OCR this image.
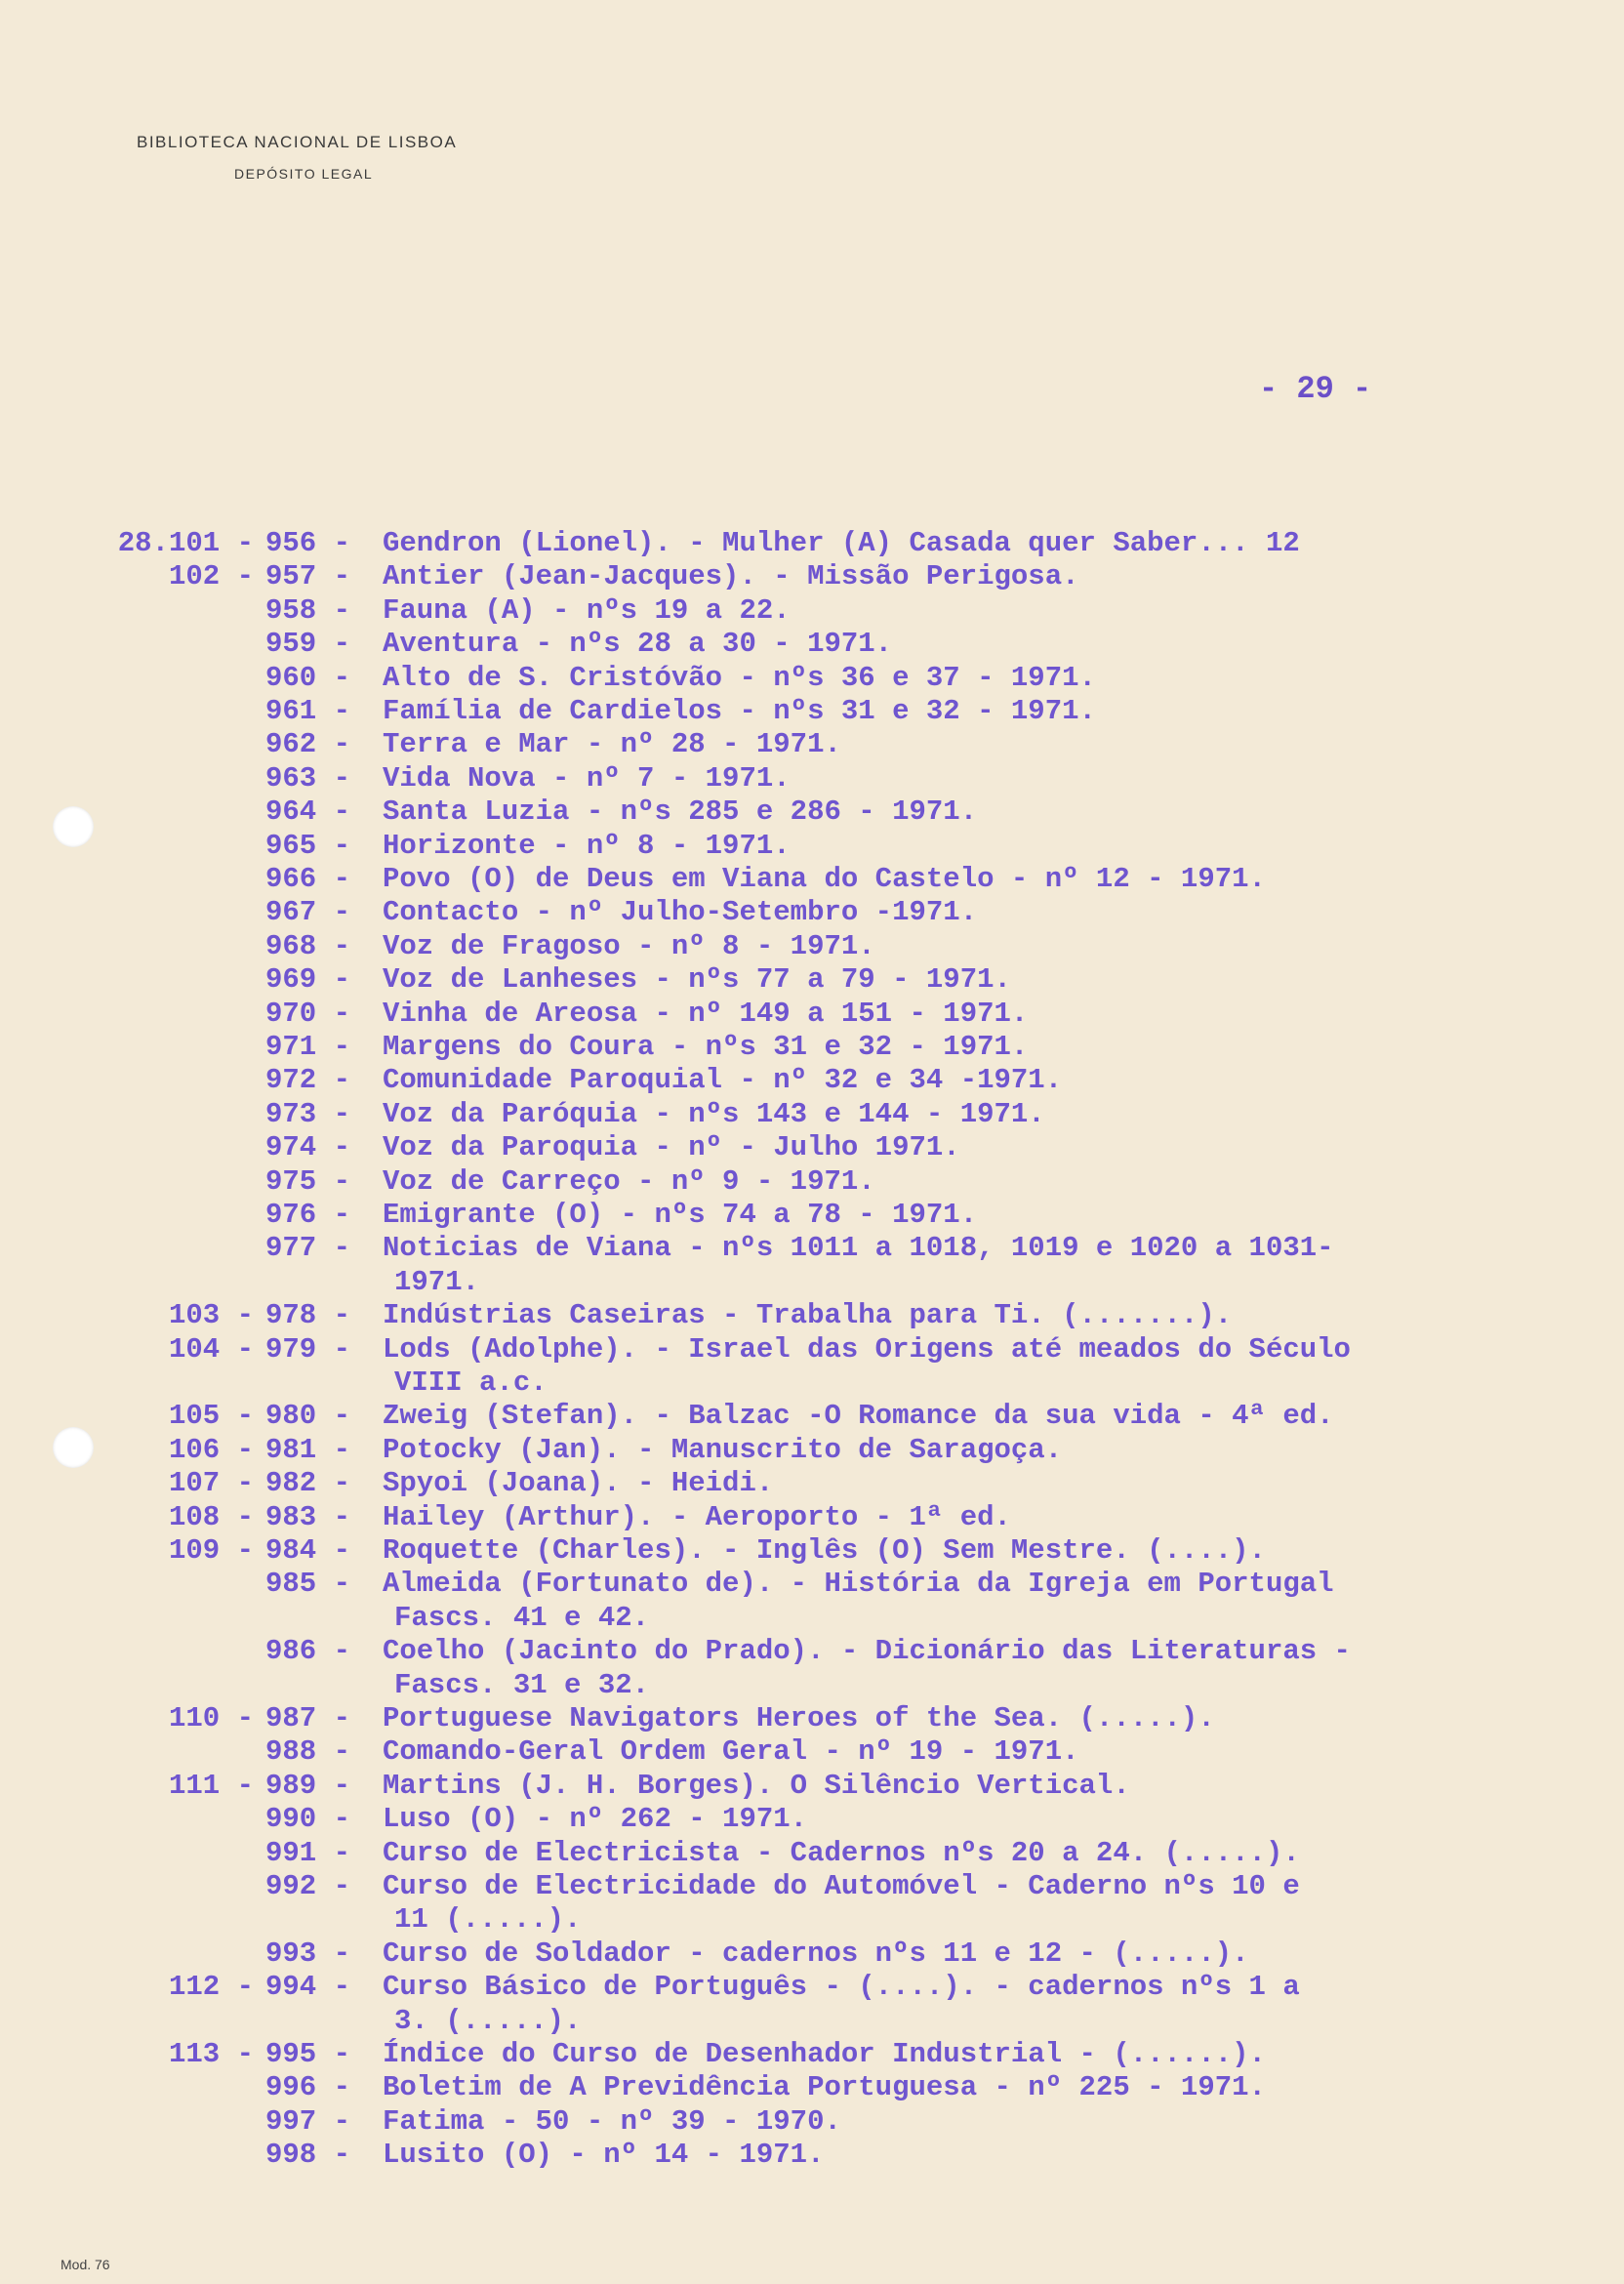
BIBLIOTECA NACIONAL DE LISBOA
DEPÓSITO LEGAL
- 29 -
28.101 - 956 - Gendron (Lionel). - Mulher (A) Casada quer Saber... 12
102 - 957 - Antier (Jean-Jacques). - Missão Perigosa.
958 - Fauna (A) - nºs 19 a 22.
959 - Aventura - nºs 28 a 30 - 1971.
960 - Alto de S. Cristóvão - nºs 36 e 37 - 1971.
961 - Família de Cardielos - nºs 31 e 32 - 1971.
962 - Terra e Mar - nº 28 - 1971.
963 - Vida Nova - nº 7 - 1971.
964 - Santa Luzia - nºs 285 e 286 - 1971.
965 - Horizonte - nº 8 - 1971.
966 - Povo (O) de Deus em Viana do Castelo - nº 12 - 1971.
967 - Contacto - nº Julho-Setembro -1971.
968 - Voz de Fragoso - nº 8 - 1971.
969 - Voz de Lanheses - nºs 77 a 79 - 1971.
970 - Vinha de Areosa - nº 149 a 151 - 1971.
971 - Margens do Coura - nºs 31 e 32 - 1971.
972 - Comunidade Paroquial - nº 32 e 34 -1971.
973 - Voz da Paróquia - nºs 143 e 144 - 1971.
974 - Voz da Paroquia - nº - Julho 1971.
975 - Voz de Carreço - nº 9 - 1971.
976 - Emigrante (O) - nºs 74 a 78 - 1971.
977 - Noticias de Viana - nºs 1011 a 1018, 1019 e 1020 a 1031-
1971.
103 - 978 - Indústrias Caseiras - Trabalha para Ti. (.......).
104 - 979 - Lods (Adolphe). - Israel das Origens até meados do Século
VIII a.c.
105 - 980 - Zweig (Stefan). - Balzac -O Romance da sua vida - 4ª ed.
106 - 981 - Potocky (Jan). - Manuscrito de Saragoça.
107 - 982 - Spyoi (Joana). - Heidi.
108 - 983 - Hailey (Arthur). - Aeroporto - 1ª ed.
109 - 984 - Roquette (Charles). - Inglês (O) Sem Mestre. (....).
985 - Almeida (Fortunato de). - História da Igreja em Portugal
Fascs. 41 e 42.
986 - Coelho (Jacinto do Prado). - Dicionário das Literaturas -
Fascs. 31 e 32.
110 - 987 - Portuguese Navigators Heroes of the Sea. (.....).
988 - Comando-Geral Ordem Geral - nº 19 - 1971.
111 - 989 - Martins (J. H. Borges). O Silêncio Vertical.
990 - Luso (O) - nº 262 - 1971.
991 - Curso de Electricista - Cadernos nºs 20 a 24. (.....).
992 - Curso de Electricidade do Automóvel - Caderno nºs 10 e
11 (.....).
993 - Curso de Soldador - cadernos nºs 11 e 12 - (.....).
112 - 994 - Curso Básico de Português - (....). - cadernos nºs 1 a
3. (.....).
113 - 995 - Índice do Curso de Desenhador Industrial - (......).
996 - Boletim de A Previdência Portuguesa - nº 225 - 1971.
997 - Fatima - 50 - nº 39 - 1970.
998 - Lusito (O) - nº 14 - 1971.
Mod. 76
